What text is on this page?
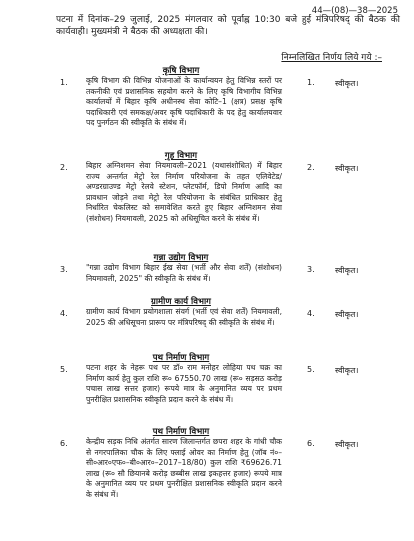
44—(08)—38—2025
पटना में दिनांक–29 जुलाई, 2025 मंगलवार को पूर्वाह्न 10:30 बजे हुई मंत्रिपरिषद् की बैठक की कार्यवाही। मुख्यमंत्री ने बैठक की अध्यक्षता की।
निम्नलिखित निर्णय लिये गये :–
कृषि विभाग
1. कृषि विभाग की विभिन्न योजनाओं के कार्यान्वयन हेतु विभिन्न स्तरों पर तकनीकी एवं प्रशासनिक सहयोग करने के लिए कृषि विभागीय विभिन्न कार्यालयों में बिहार कृषि अधीनस्थ सेवा कोटि–1 (क्षत्र) प्रसक्ष कृषि पदाधिकारी एवं समकक्ष/अवर कृषि पदाधिकारी के पद हेतु कार्यालयवार पद पुनर्गठन की स्वीकृति के संबंध में।
1.	स्वीकृत।
गृह विभाग
2. बिहार अग्निशमन सेवा नियमावली–2021 (यथासंशोधित) में बिहार राज्य अन्तर्गत मेट्रो रेल निर्माण परियोजना के तहत एलिवेटेड/अण्डरग्राउण्ड मेट्रो रेलवे स्टेशन, प्लेटफॉर्म, डिपो निर्माण आदि का प्रावधान जोड़ने तथा मेट्रो रेल परियोजना के संबंधित प्राधिकार हेतु निर्धारित चेकलिस्ट को समावेशित करते हुए बिहार अग्निशमन सेवा (संशोधन) नियमावली, 2025 को अधिसूचित करने के संबंध में।
2.	स्वीकृत।
गन्ना उद्योग विभाग
3. "गन्ना उद्योग विभाग बिहार ईख सेवा (भर्ती और सेवा शर्तें) (संशोधन) नियमावली, 2025" की स्वीकृति के संबंध में।
3.	स्वीकृत।
ग्रामीण कार्य विभाग
4. ग्रामीण कार्य विभाग प्रयोगशाला संवर्ग (भर्ती एवं सेवा शर्तें) नियमावली, 2025 की अधिसूचना प्रारूप पर मंत्रिपरिषद् की स्वीकृति के संबंध में।
4.	स्वीकृत।
पथ निर्माण विभाग
5. पटना शहर के नेहरू पथ पर डॉ० राम मनोहर लोहिया पथ चक्र का निर्माण कार्य हेतु कुल राशि रू० 67550.70 लाख (रू० सड़सठ करोड़ पचास लाख सत्तर हजार) रूपये मात्र के अनुमानित व्यय पर प्रथम पुनरीक्षित प्रशासनिक स्वीकृति प्रदान करने के संबंध में।
5.	स्वीकृत।
पथ निर्माण विभाग
6. केन्द्रीय सड़क निधि अंतर्गत सारण जिलान्तर्गत छपरा शहर के गांधी चौक से नगरपालिका चौक के लिए फ्लाई ओवर का निर्माण हेतु (जॉब नं०–सी०आर०एफ०–बी०आर०–2017–18/80) कुल राशि ₹69626.71 लाख (रू० सौ छियानबे करोड़ छब्बीस लाख इकहत्तर हजार) रूपये मात्र के अनुमानित व्यय पर प्रथम पुनरीक्षित प्रशासनिक स्वीकृति प्रदान करने के संबंध में।
6.	स्वीकृत।
